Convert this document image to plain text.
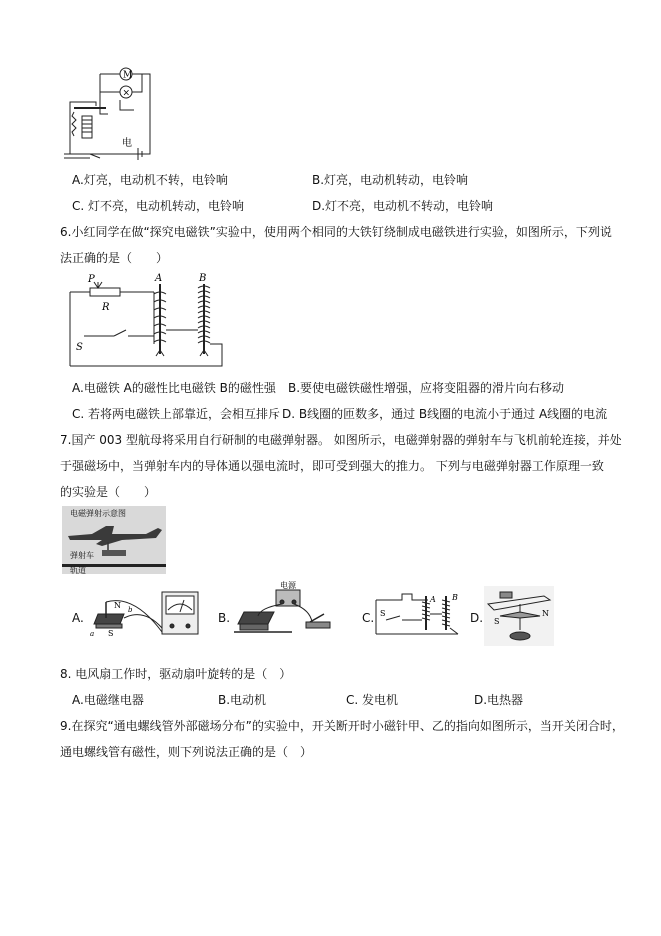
M
×
电
A.灯亮，电动机不转，电铃响	B.灯亮，电动机转动，电铃响
C. 灯不亮，电动机转动，电铃响	D.灯不亮，电动机不转动，电铃响
6.小红同学在做“探究电磁铁”实验中，使用两个相同的大铁钉绕制成电磁铁进行实验，如图所示，下列说
法正确的是（　　）
P
R
S
A	B
A.电磁铁 A的磁性比电磁铁 B的磁性强 B.要使电磁铁磁性增强，应将变阻器的滑片向右移动
C. 若将两电磁铁上部靠近，会相互排斥 D. B线圈的匝数多，通过 B线圈的电流小于通过 A线圈的电流
7.国产 003 型航母将采用自行研制的电磁弹射器。 如图所示，电磁弹射器的弹射车与飞机前轮连接，并处
于强磁场中，当弹射车内的导体通以强电流时，即可受到强大的推力。 下列与电磁弹射器工作原理一致
的实验是（　　）
电磁弹射示意图
弹射车
轨道
A.	B.	C.	D.
N
S
a
b
电源
S
A B
S
N
8. 电风扇工作时，驱动扇叶旋转的是（　）
A.电磁继电器	B.电动机	C. 发电机	D.电热器
9.在探究“通电螺线管外部磁场分布”的实验中，开关断开时小磁针甲、乙的指向如图所示，当开关闭合时，
通电螺线管有磁性，则下列说法正确的是（　）
